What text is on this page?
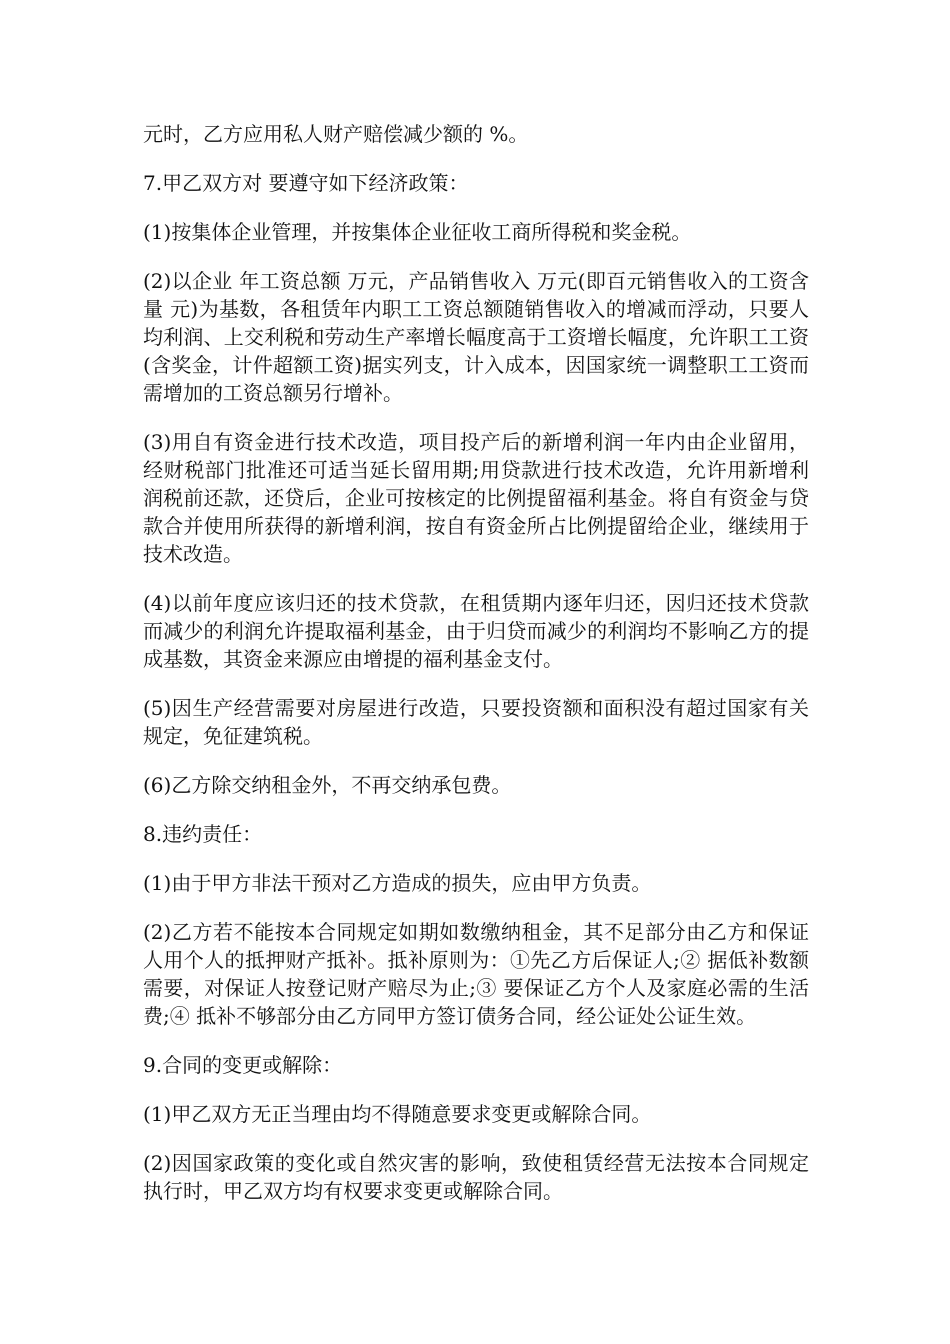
元时，乙方应用私人财产赔偿减少额的 %。

7.甲乙双方对 要遵守如下经济政策：

(1)按集体企业管理，并按集体企业征收工商所得税和奖金税。

(2)以企业 年工资总额 万元，产品销售收入 万元(即百元销售收入的工资含量 元)为基数，各租赁年内职工工资总额随销售收入的增减而浮动，只要人均利润、上交利税和劳动生产率增长幅度高于工资增长幅度，允许职工工资(含奖金，计件超额工资)据实列支，计入成本，因国家统一调整职工工资而需增加的工资总额另行增补。

(3)用自有资金进行技术改造，项目投产后的新增利润一年内由企业留用，经财税部门批准还可适当延长留用期;用贷款进行技术改造，允许用新增利润税前还款，还贷后，企业可按核定的比例提留福利基金。将自有资金与贷款合并使用所获得的新增利润，按自有资金所占比例提留给企业，继续用于技术改造。

(4)以前年度应该归还的技术贷款，在租赁期内逐年归还，因归还技术贷款而减少的利润允许提取福利基金，由于归贷而减少的利润均不影响乙方的提成基数，其资金来源应由增提的福利基金支付。

(5)因生产经营需要对房屋进行改造，只要投资额和面积没有超过国家有关规定，免征建筑税。

(6)乙方除交纳租金外，不再交纳承包费。

8.违约责任：

(1)由于甲方非法干预对乙方造成的损失，应由甲方负责。

(2)乙方若不能按本合同规定如期如数缴纳租金，其不足部分由乙方和保证人用个人的抵押财产抵补。抵补原则为：①先乙方后保证人;② 据低补数额需要，对保证人按登记财产赔尽为止;③ 要保证乙方个人及家庭必需的生活费;④ 抵补不够部分由乙方同甲方签订债务合同，经公证处公证生效。

9.合同的变更或解除：

(1)甲乙双方无正当理由均不得随意要求变更或解除合同。

(2)因国家政策的变化或自然灾害的影响，致使租赁经营无法按本合同规定执行时，甲乙双方均有权要求变更或解除合同。
